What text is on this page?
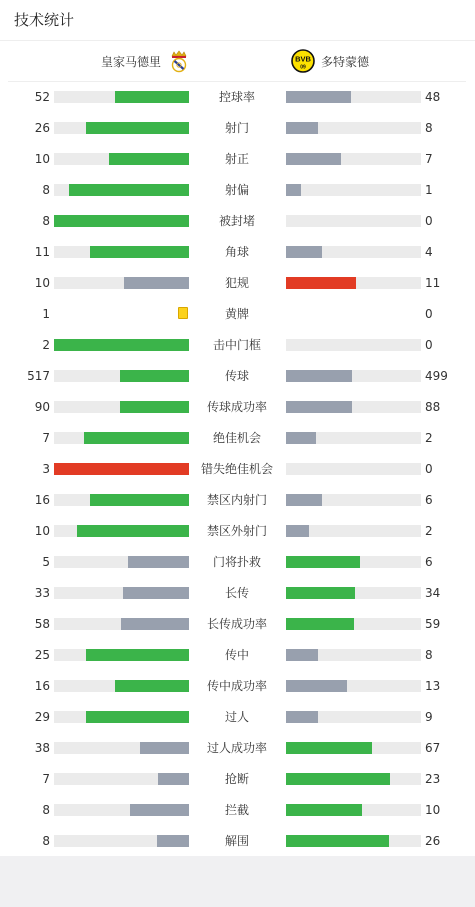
技术统计
皇家马德里	BVB
09 多特蒙德
52	控球率	48
26	射门	8
10	射正	7
8	射偏	1
8	被封堵	0
11	角球	4
10	犯规	11
1	黄牌	0
2	击中门框	0
517	传球	499
90	传球成功率	88
7	绝佳机会	2
3	错失绝佳机会	0
16	禁区内射门	6
10	禁区外射门	2
5	门将扑救	6
33	长传	34
58	长传成功率	59
25	传中	8
16	传中成功率	13
29	过人	9
38	过人成功率	67
7	抢断	23
8	拦截	10
8	解围	26
